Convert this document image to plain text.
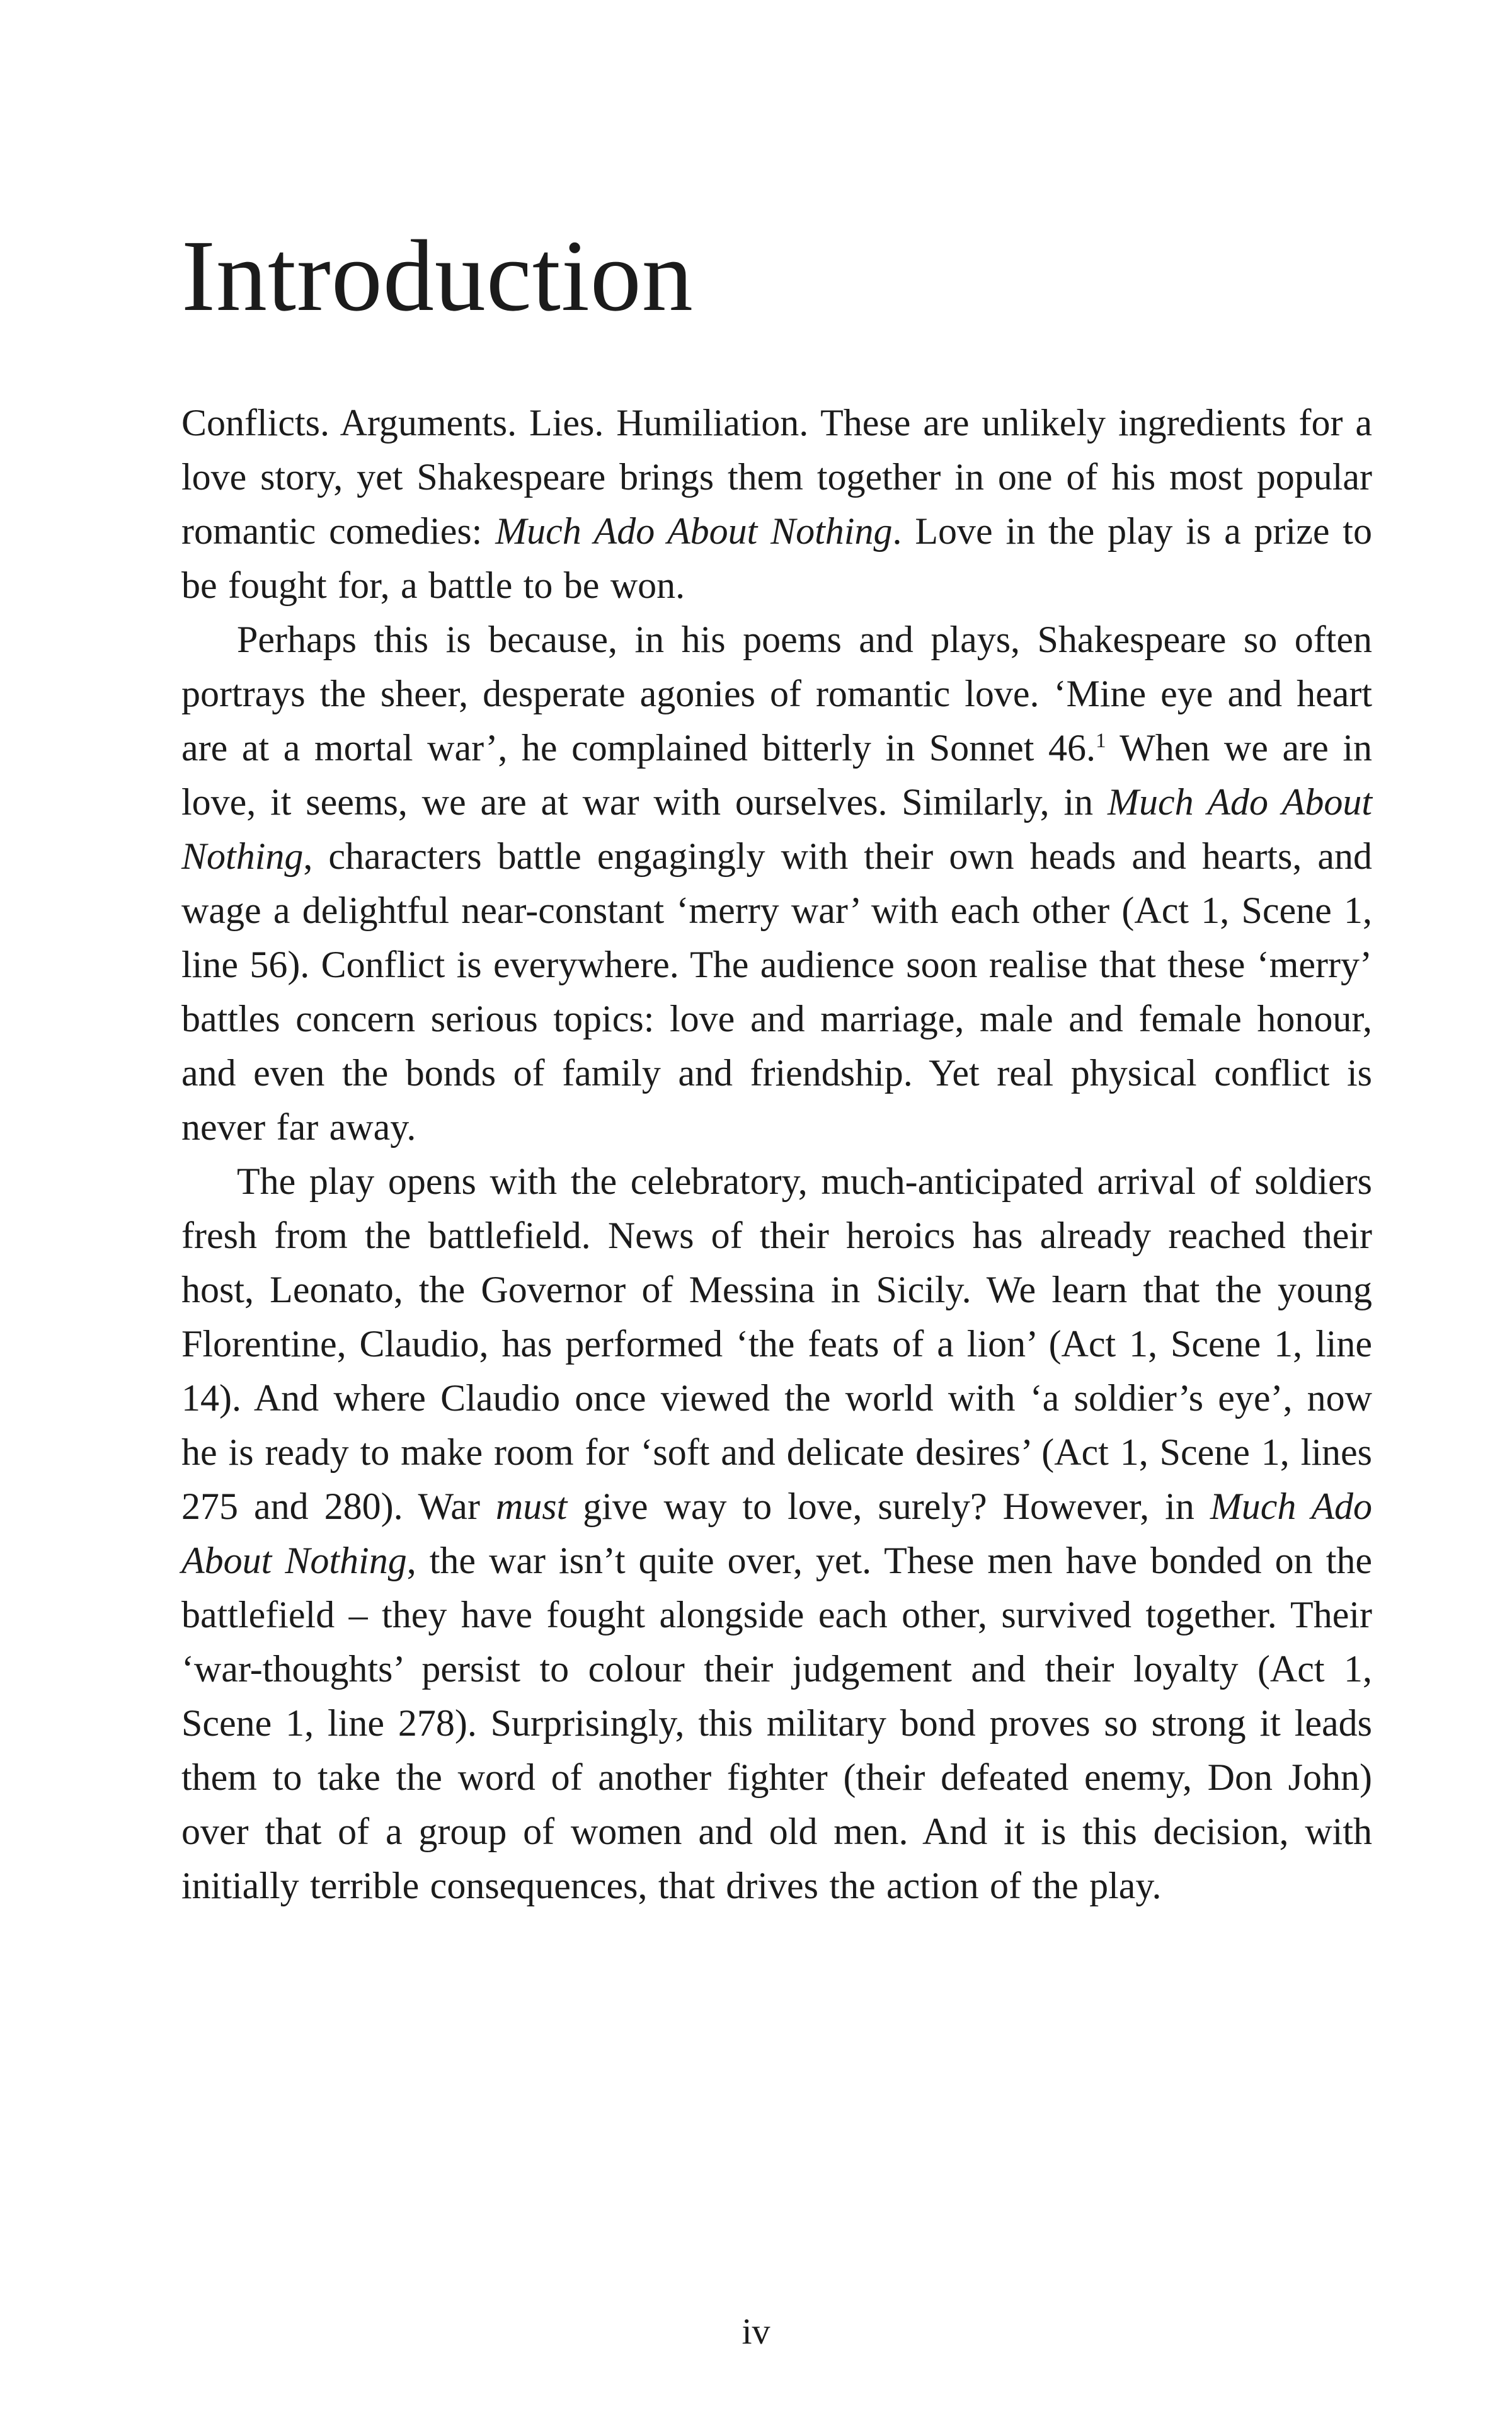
Introduction

Conflicts. Arguments. Lies. Humiliation. These are unlikely ingredients for a love story, yet Shakespeare brings them together in one of his most popular romantic comedies: Much Ado About Nothing. Love in the play is a prize to be fought for, a battle to be won.

Perhaps this is because, in his poems and plays, Shakespeare so often portrays the sheer, desperate agonies of romantic love. ‘Mine eye and heart are at a mortal war’, he complained bitterly in Sonnet 46.$^1$ When we are in love, it seems, we are at war with ourselves. Similarly, in Much Ado About Nothing, characters battle engagingly with their own heads and hearts, and wage a delightful near-constant ‘merry war’ with each other (Act 1, Scene 1, line 56). Conflict is everywhere. The audience soon realise that these ‘merry’ battles concern serious topics: love and marriage, male and female honour, and even the bonds of family and friendship. Yet real physical conflict is never far away.

The play opens with the celebratory, much-anticipated arrival of soldiers fresh from the battlefield. News of their heroics has already reached their host, Leonato, the Governor of Messina in Sicily. We learn that the young Florentine, Claudio, has performed ‘the feats of a lion’ (Act 1, Scene 1, line 14). And where Claudio once viewed the world with ‘a soldier’s eye’, now he is ready to make room for ‘soft and delicate desires’ (Act 1, Scene 1, lines 275 and 280). War must give way to love, surely? However, in Much Ado About Nothing, the war isn’t quite over, yet. These men have bonded on the battlefield – they have fought alongside each other, survived together. Their ‘war-thoughts’ persist to colour their judgement and their loyalty (Act 1, Scene 1, line 278). Surprisingly, this military bond proves so strong it leads them to take the word of another fighter (their defeated enemy, Don John) over that of a group of women and old men. And it is this decision, with initially terrible consequences, that drives the action of the play.

iv
